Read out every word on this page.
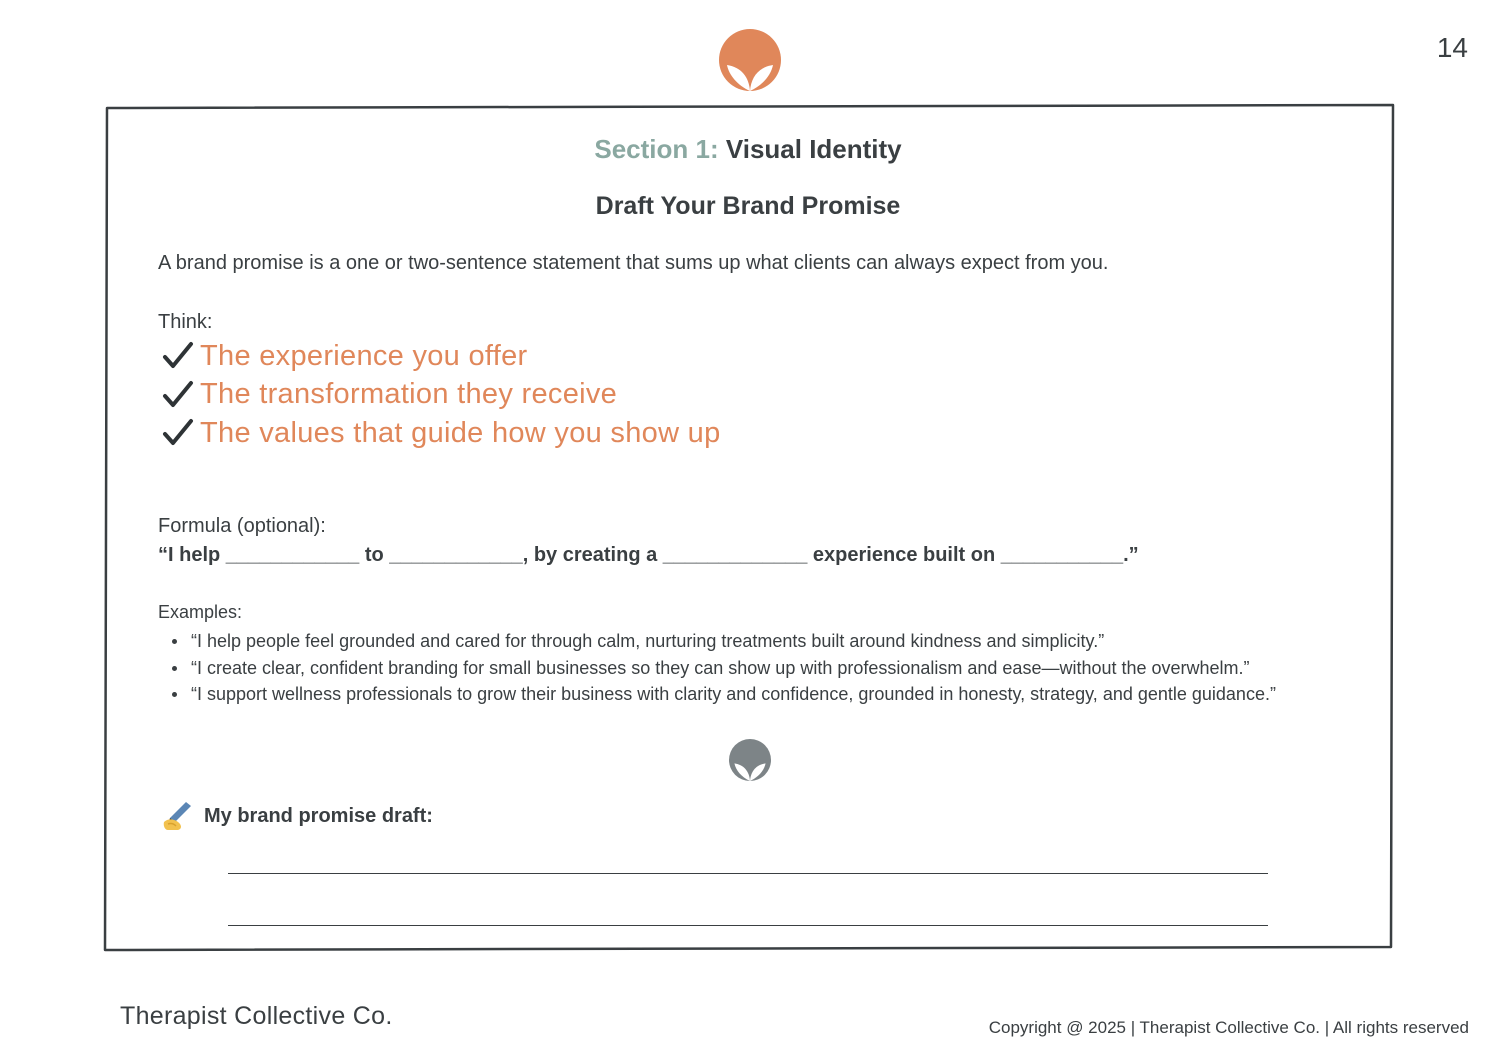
14
Section 1: Visual Identity
Draft Your Brand Promise
A brand promise is a one or two-sentence statement that sums up what clients can always expect from you.
Think:
The experience you offer
The transformation they receive
The values that guide how you show up
Formula (optional):
“I help ____________ to ____________, by creating a _____________ experience built on ___________.”
Examples:
“I help people feel grounded and cared for through calm, nurturing treatments built around kindness and simplicity.”
“I create clear, confident branding for small businesses so they can show up with professionalism and ease—without the overwhelm.”
“I support wellness professionals to grow their business with clarity and confidence, grounded in honesty, strategy, and gentle guidance.”
My brand promise draft:
Therapist Collective Co.	Copyright @ 2025 | Therapist Collective Co. | All rights reserved
